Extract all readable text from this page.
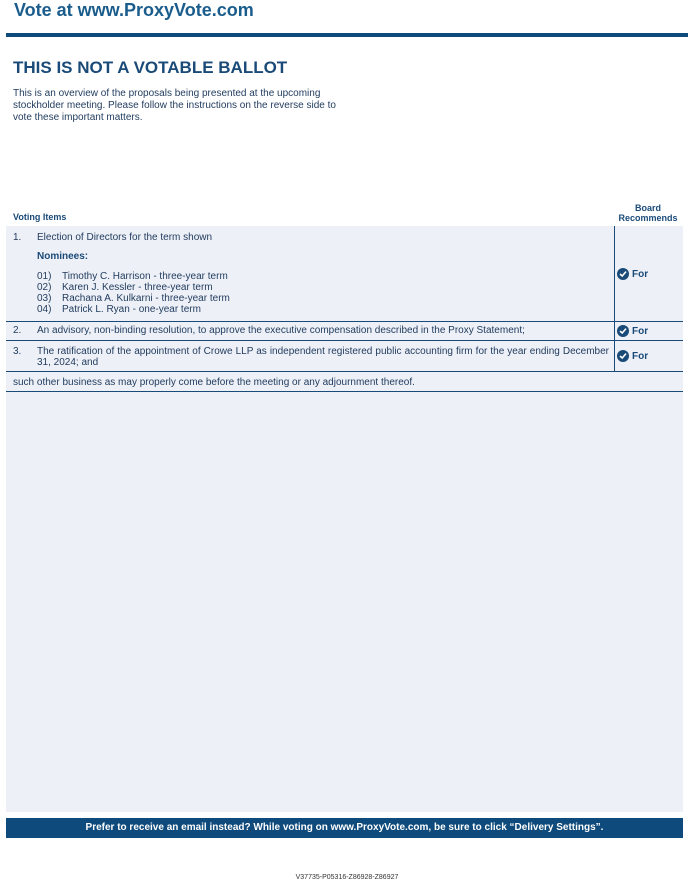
Vote at www.ProxyVote.com
THIS IS NOT A VOTABLE BALLOT
This is an overview of the proposals being presented at the upcoming stockholder meeting. Please follow the instructions on the reverse side to vote these important matters.
Voting Items
Board Recommends
1. Election of Directors for the term shown
Nominees:
01) Timothy C. Harrison - three-year term
02) Karen J. Kessler - three-year term
03) Rachana A. Kulkarni - three-year term
04) Patrick L. Ryan - one-year term
For
2. An advisory, non-binding resolution, to approve the executive compensation described in the Proxy Statement;	For
3. The ratification of the appointment of Crowe LLP as independent registered public accounting firm for the year ending December 31, 2024; and
For
such other business as may properly come before the meeting or any adjournment thereof.
Prefer to receive an email instead? While voting on www.ProxyVote.com, be sure to click “Delivery Settings”.
V37735-P05316-Z86928-Z86927
